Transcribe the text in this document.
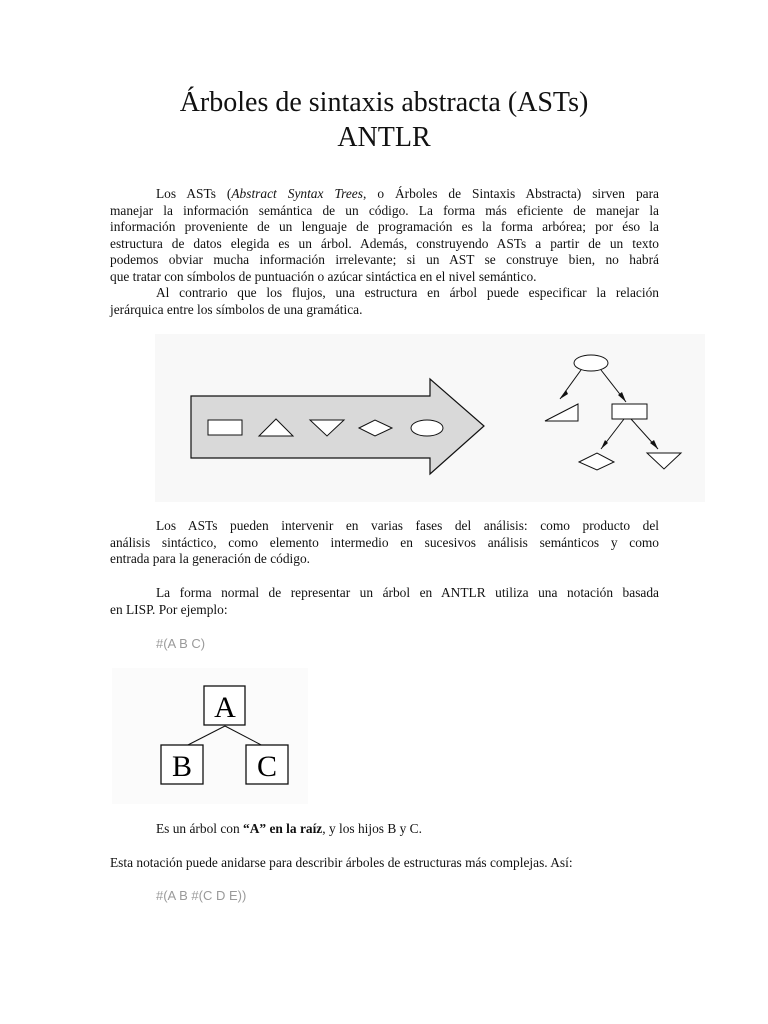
Árboles de sintaxis abstracta (ASTs)
ANTLR
Los ASTs (Abstract Syntax Trees, o Árboles de Sintaxis Abstracta) sirven para
manejar la información semántica de un código. La forma más eficiente de manejar la
información proveniente de un lenguaje de programación es la forma arbórea; por éso la
estructura de datos elegida es un árbol. Además, construyendo ASTs a partir de un texto
podemos obviar mucha información irrelevante; si un AST se construye bien, no habrá
que tratar con símbolos de puntuación o azúcar sintáctica en el nivel semántico.
Al contrario que los flujos, una estructura en árbol puede especificar la relación
jerárquica entre los símbolos de una gramática.
Los ASTs pueden intervenir en varias fases del análisis: como producto del
análisis sintáctico, como elemento intermedio en sucesivos análisis semánticos y como
entrada para la generación de código.
La forma normal de representar un árbol en ANTLR utiliza una notación basada
en LISP. Por ejemplo:
#(A B C)
A
B C
Es un árbol con “A” en la raíz, y los hijos B y C.
Esta notación puede anidarse para describir árboles de estructuras más complejas. Así:
#(A B #(C D E))
